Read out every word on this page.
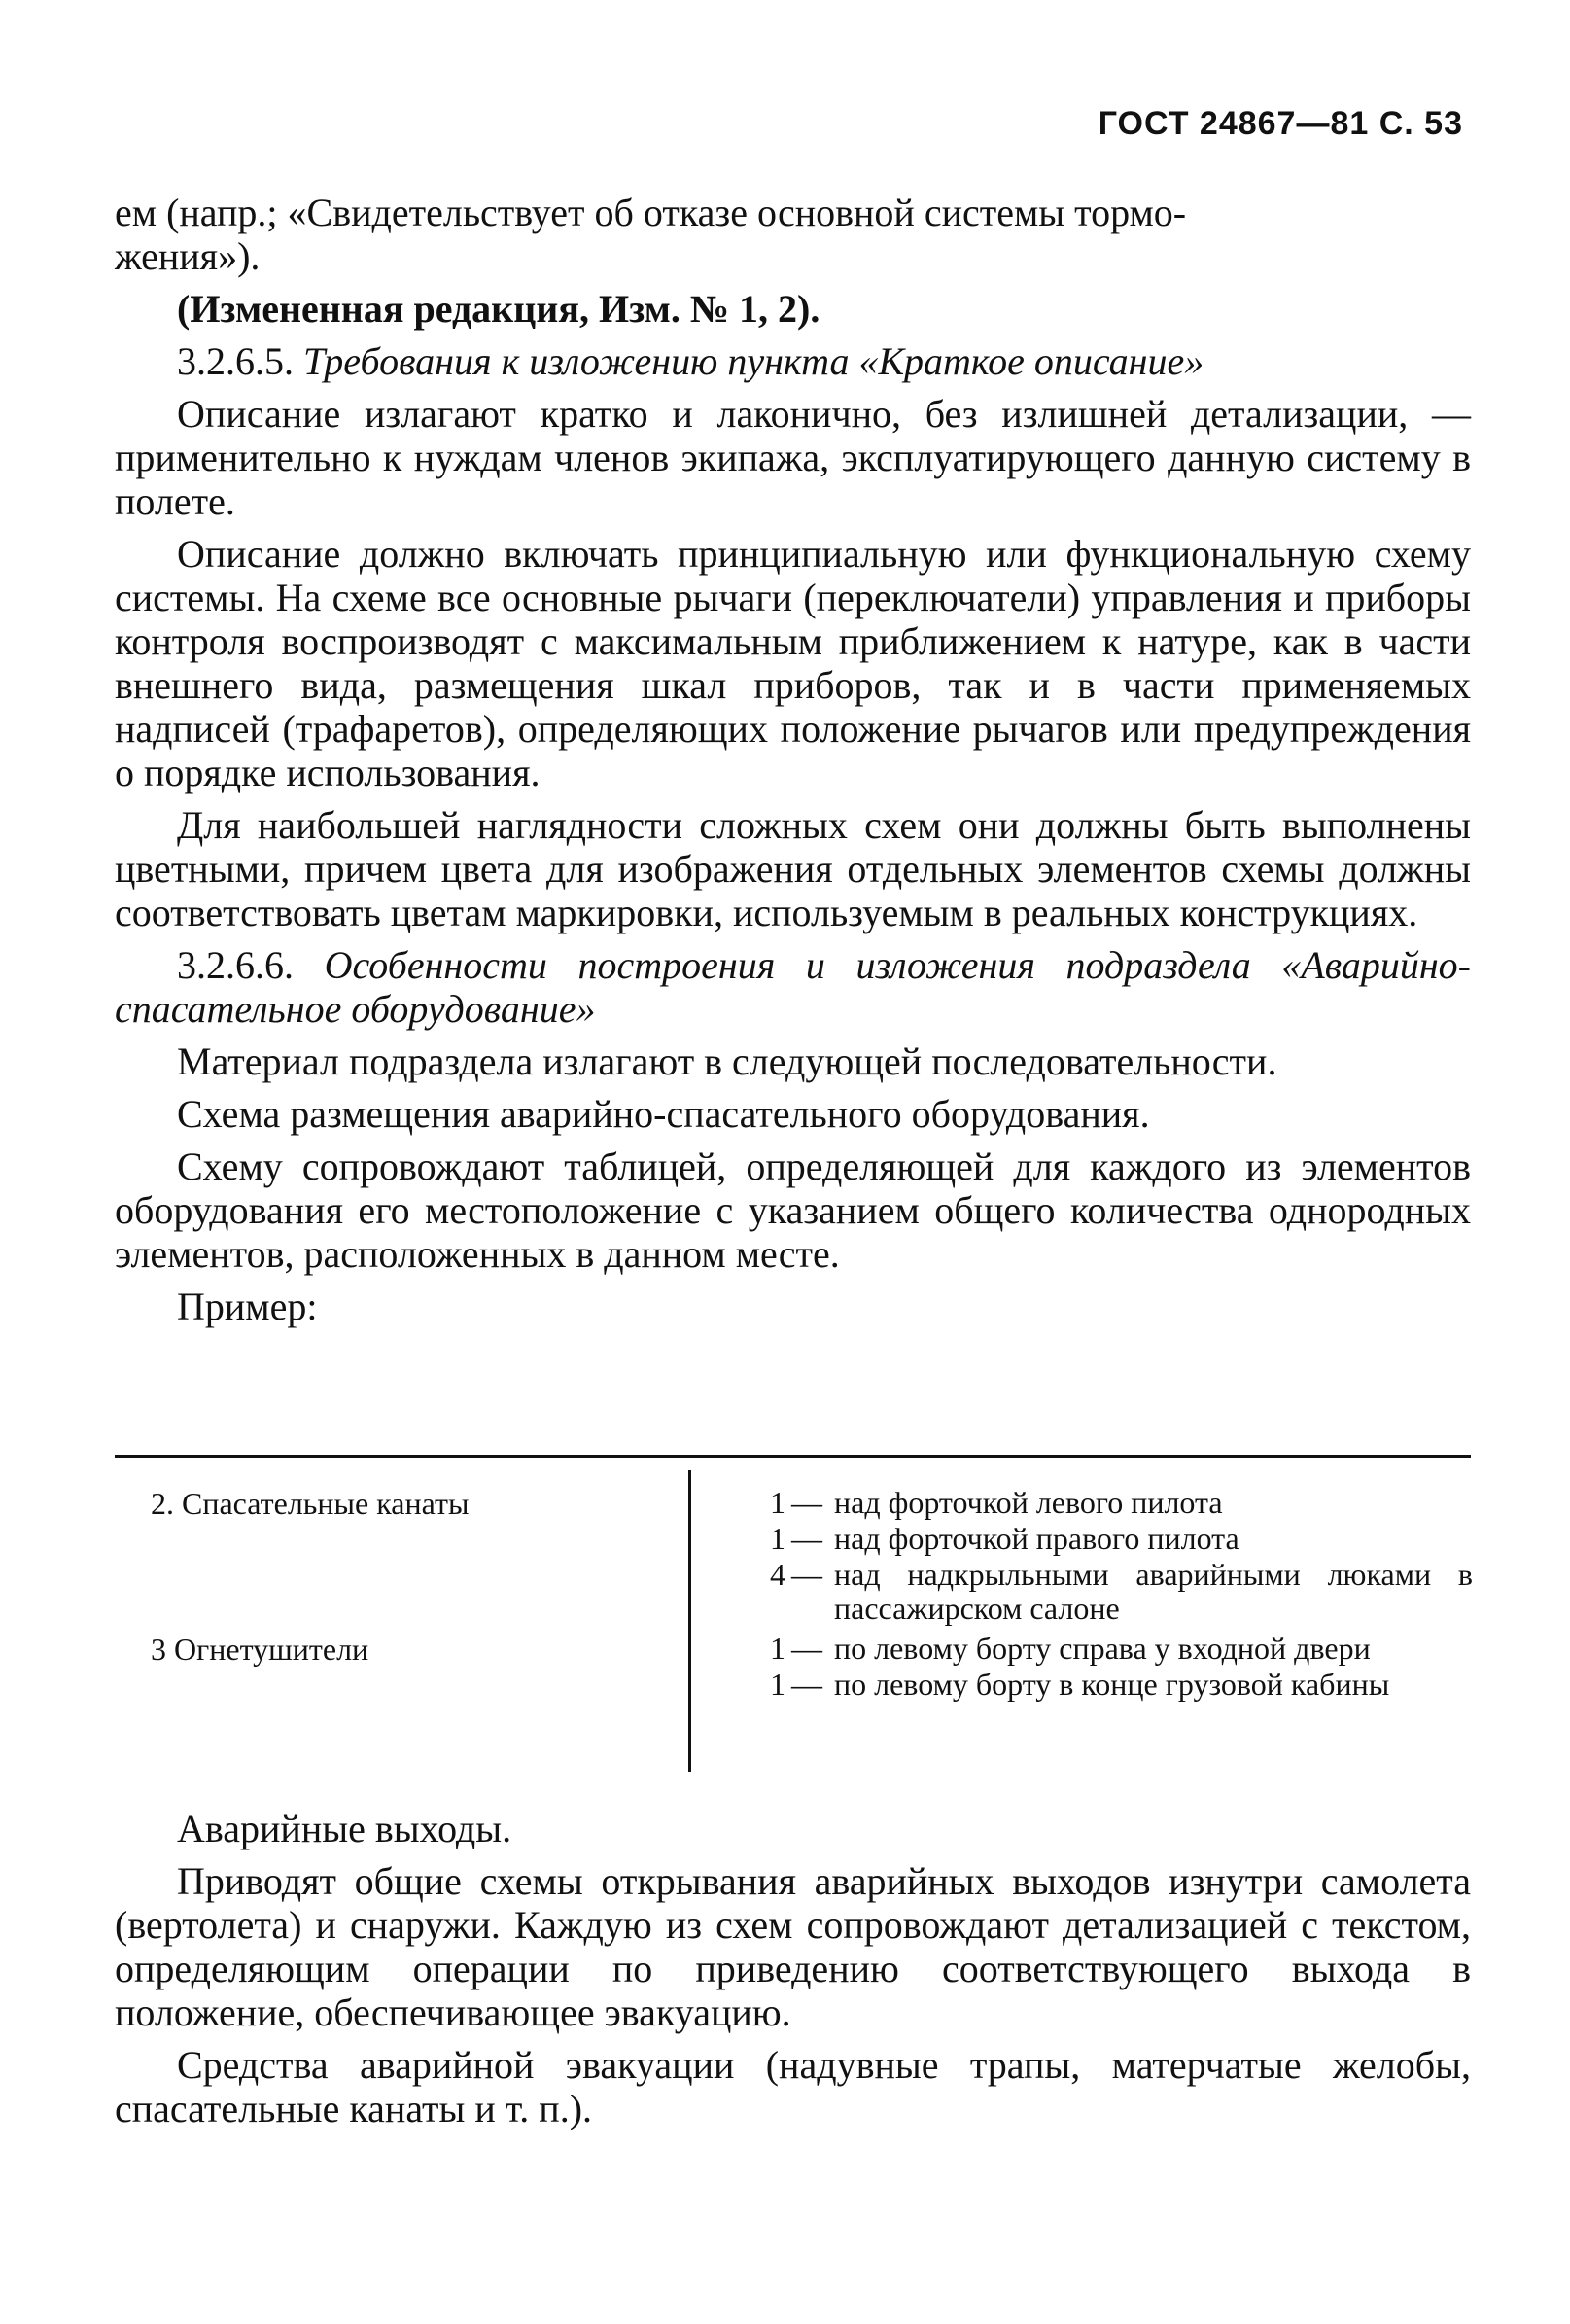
ГОСТ 24867—81 С. 53
ем (напр.; «Свидетельствует об отказе основной системы тормо-
жения»).
(Измененная редакция, Изм. № 1, 2).
3.2.6.5. Требования к изложению пункта «Краткое описание»
Описание излагают кратко и лаконично, без излишней детализации, — применительно к нуждам членов экипажа, эксплуатирующего данную систему в полете.
Описание должно включать принципиальную или функциональную схему системы. На схеме все основные рычаги (переключатели) управления и приборы контроля воспроизводят с максимальным приближением к натуре, как в части внешнего вида, размещения шкал приборов, так и в части применяемых надписей (трафаретов), определяющих положение рычагов или предупреждения о порядке использования.
Для наибольшей наглядности сложных схем они должны быть выполнены цветными, причем цвета для изображения отдельных элементов схемы должны соответствовать цветам маркировки, используемым в реальных конструкциях.
3.2.6.6. Особенности построения и изложения подраздела «Аварийно-спасательное оборудование»
Материал подраздела излагают в следующей последовательности.
Схема размещения аварийно-спасательного оборудования.
Схему сопровождают таблицей, определяющей для каждого из элементов оборудования его местоположение с указанием общего количества однородных элементов, расположенных в данном месте.
Пример:
2. Спасательные канаты
3 Огнетушители
1 — над форточкой левого пилота
1 — над форточкой правого пилота
4 — над надкрыльными аварийными люками в пассажирском салоне
1 — по левому борту справа у входной двери
1 — по левому борту в конце грузовой кабины
Аварийные выходы.
Приводят общие схемы открывания аварийных выходов изнутри самолета (вертолета) и снаружи. Каждую из схем сопровождают детализацией с текстом, определяющим операции по приведению соответствующего выхода в положение, обеспечивающее эвакуацию.
Средства аварийной эвакуации (надувные трапы, матерчатые желобы, спасательные канаты и т. п.).
